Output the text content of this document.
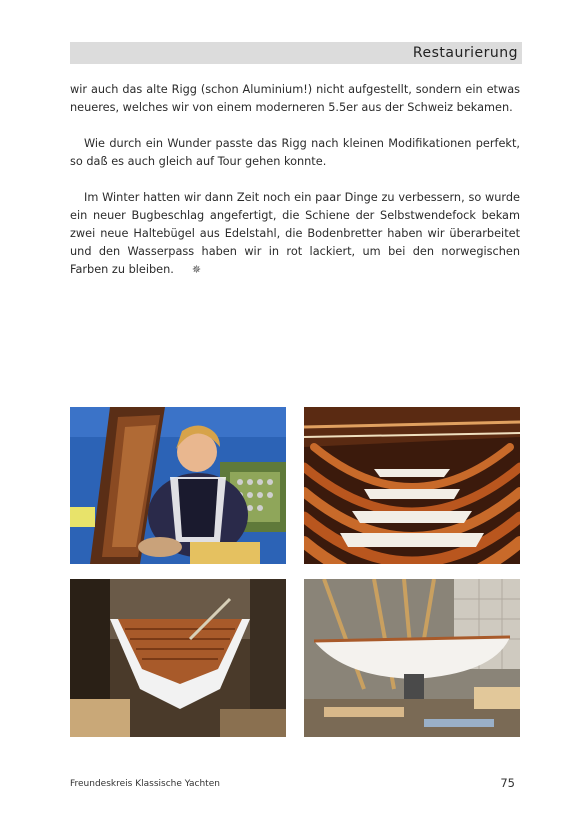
Restaurierung

wir auch das alte Rigg (schon Aluminium!) nicht aufgestellt, sondern ein etwas neueres, welches wir von einem moderneren 5.5er aus der Schweiz bekamen.

Wie durch ein Wunder passte das Rigg nach kleinen Modifikationen perfekt, so daß es auch gleich auf Tour gehen konnte.

Im Winter hatten wir dann Zeit noch ein paar Dinge zu verbessern, so wurde ein neuer Bugbeschlag angefertigt, die Schiene der Selbstwendefock bekam zwei neue Haltebügel aus Edelstahl, die Bodenbretter haben wir überarbeitet und den Wasserpass haben wir in rot lackiert, um bei den norwegischen Farben zu bleiben. ✵

Freundeskreis Klassische Yachten	75
